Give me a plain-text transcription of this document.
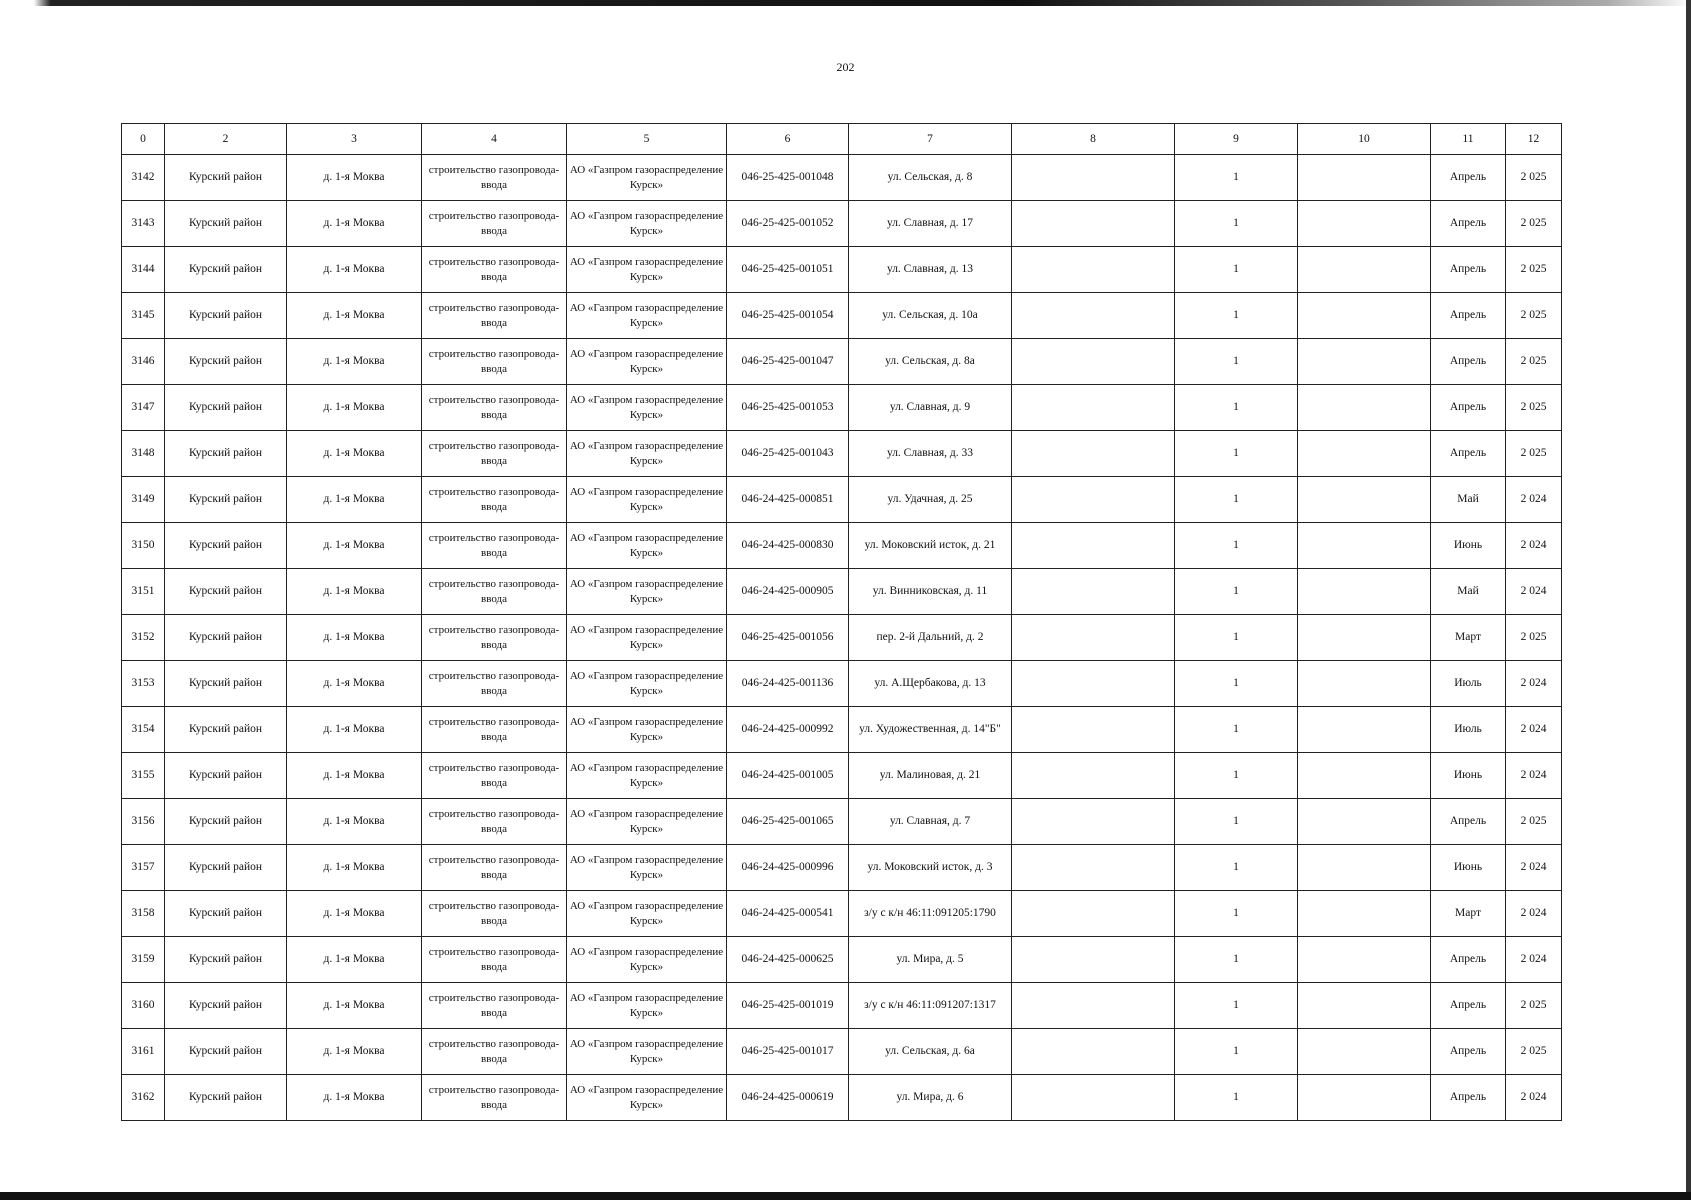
202
0	2	3	4	5	6	7	8	9	10	11	12
3142	Курский район	д. 1-я Моква	строительство газопровода-ввода	АО «Газпром газораспределение Курск»	046-25-425-001048	ул. Сельская, д. 8		1		Апрель	2 025
3143	Курский район	д. 1-я Моква	строительство газопровода-ввода	АО «Газпром газораспределение Курск»	046-25-425-001052	ул. Славная, д. 17		1		Апрель	2 025
3144	Курский район	д. 1-я Моква	строительство газопровода-ввода	АО «Газпром газораспределение Курск»	046-25-425-001051	ул. Славная, д. 13		1		Апрель	2 025
3145	Курский район	д. 1-я Моква	строительство газопровода-ввода	АО «Газпром газораспределение Курск»	046-25-425-001054	ул. Сельская, д. 10а		1		Апрель	2 025
3146	Курский район	д. 1-я Моква	строительство газопровода-ввода	АО «Газпром газораспределение Курск»	046-25-425-001047	ул. Сельская, д. 8а		1		Апрель	2 025
3147	Курский район	д. 1-я Моква	строительство газопровода-ввода	АО «Газпром газораспределение Курск»	046-25-425-001053	ул. Славная, д. 9		1		Апрель	2 025
3148	Курский район	д. 1-я Моква	строительство газопровода-ввода	АО «Газпром газораспределение Курск»	046-25-425-001043	ул. Славная, д. 33		1		Апрель	2 025
3149	Курский район	д. 1-я Моква	строительство газопровода-ввода	АО «Газпром газораспределение Курск»	046-24-425-000851	ул. Удачная, д. 25		1		Май	2 024
3150	Курский район	д. 1-я Моква	строительство газопровода-ввода	АО «Газпром газораспределение Курск»	046-24-425-000830	ул. Моковский исток, д. 21		1		Июнь	2 024
3151	Курский район	д. 1-я Моква	строительство газопровода-ввода	АО «Газпром газораспределение Курск»	046-24-425-000905	ул. Винниковская, д. 11		1		Май	2 024
3152	Курский район	д. 1-я Моква	строительство газопровода-ввода	АО «Газпром газораспределение Курск»	046-25-425-001056	пер. 2-й Дальний, д. 2		1		Март	2 025
3153	Курский район	д. 1-я Моква	строительство газопровода-ввода	АО «Газпром газораспределение Курск»	046-24-425-001136	ул. А.Щербакова, д. 13		1		Июль	2 024
3154	Курский район	д. 1-я Моква	строительство газопровода-ввода	АО «Газпром газораспределение Курск»	046-24-425-000992	ул. Художественная, д. 14"Б"		1		Июль	2 024
3155	Курский район	д. 1-я Моква	строительство газопровода-ввода	АО «Газпром газораспределение Курск»	046-24-425-001005	ул. Малиновая, д. 21		1		Июнь	2 024
3156	Курский район	д. 1-я Моква	строительство газопровода-ввода	АО «Газпром газораспределение Курск»	046-25-425-001065	ул. Славная, д. 7		1		Апрель	2 025
3157	Курский район	д. 1-я Моква	строительство газопровода-ввода	АО «Газпром газораспределение Курск»	046-24-425-000996	ул. Моковский исток, д. 3		1		Июнь	2 024
3158	Курский район	д. 1-я Моква	строительство газопровода-ввода	АО «Газпром газораспределение Курск»	046-24-425-000541	з/у с к/н 46:11:091205:1790		1		Март	2 024
3159	Курский район	д. 1-я Моква	строительство газопровода-ввода	АО «Газпром газораспределение Курск»	046-24-425-000625	ул. Мира, д. 5		1		Апрель	2 024
3160	Курский район	д. 1-я Моква	строительство газопровода-ввода	АО «Газпром газораспределение Курск»	046-25-425-001019	з/у с к/н 46:11:091207:1317		1		Апрель	2 025
3161	Курский район	д. 1-я Моква	строительство газопровода-ввода	АО «Газпром газораспределение Курск»	046-25-425-001017	ул. Сельская, д. 6а		1		Апрель	2 025
3162	Курский район	д. 1-я Моква	строительство газопровода-ввода	АО «Газпром газораспределение Курск»	046-24-425-000619	ул. Мира, д. 6		1		Апрель	2 024
